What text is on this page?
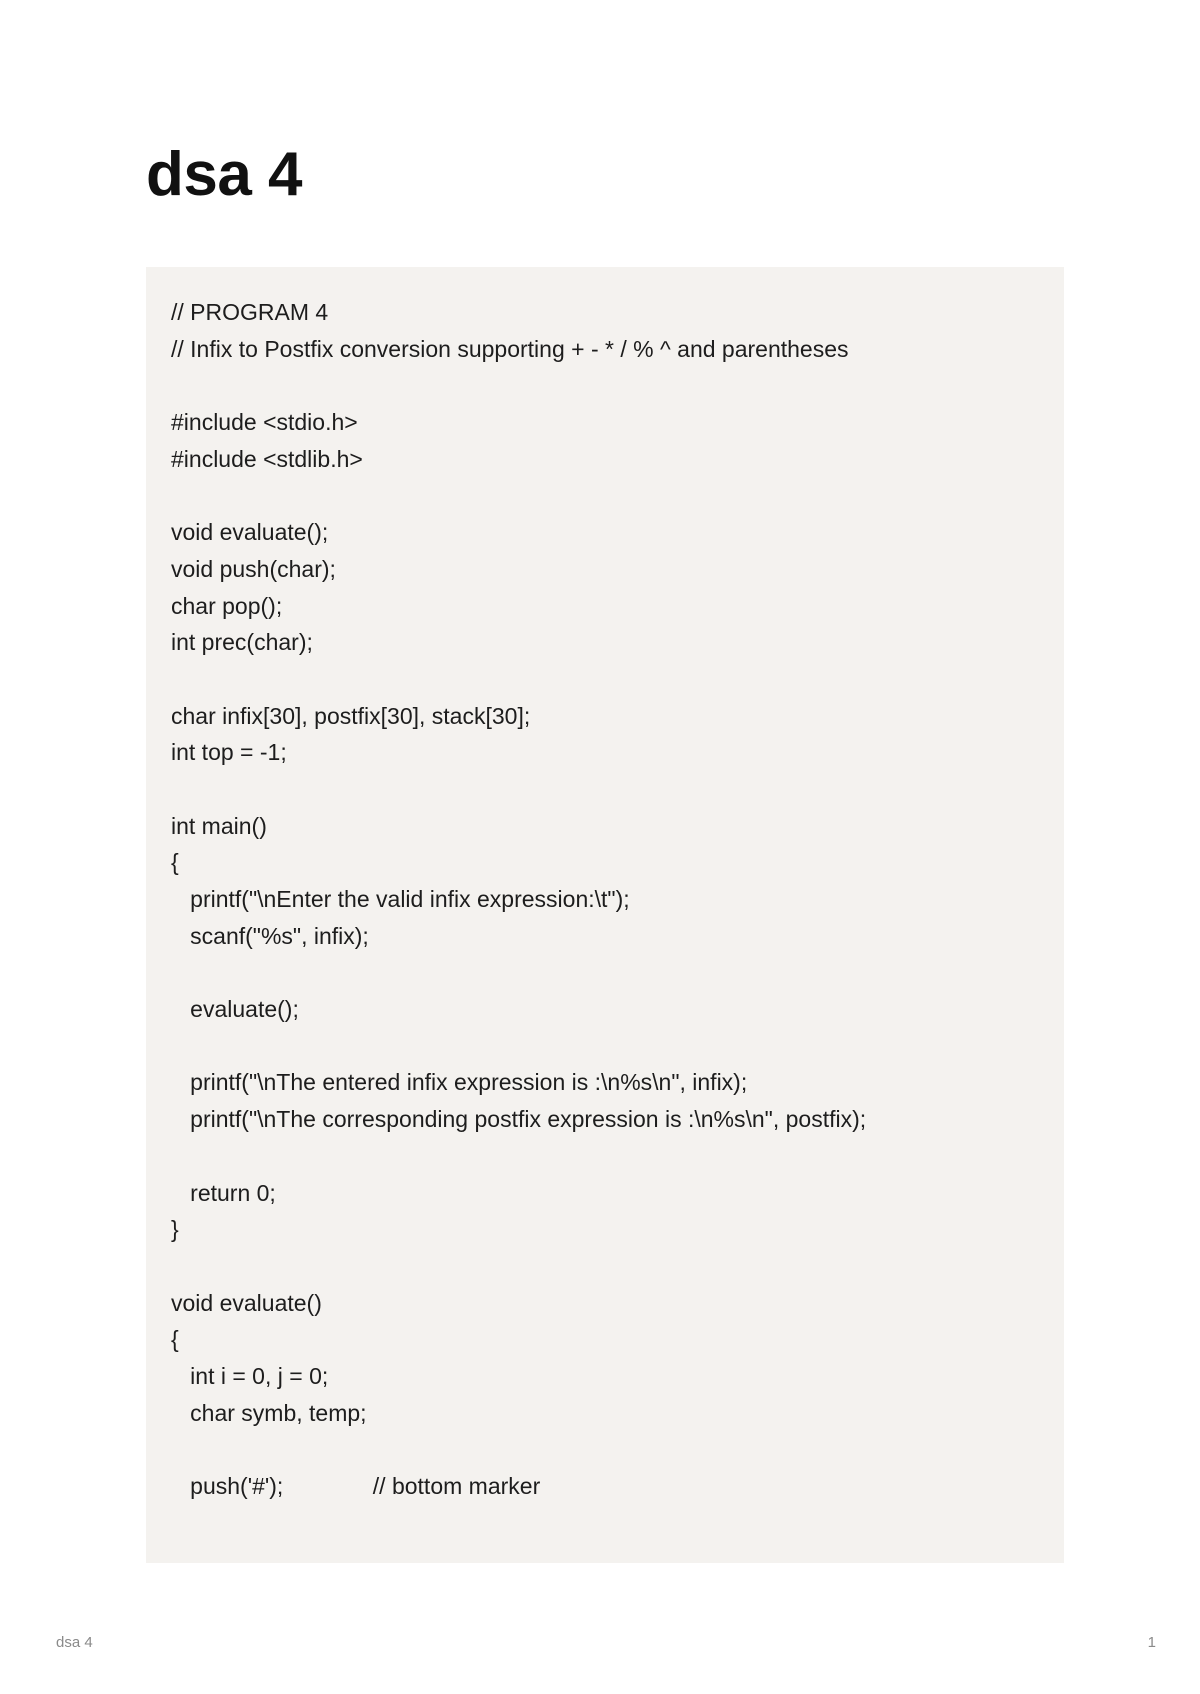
dsa 4
// PROGRAM 4
// Infix to Postfix conversion supporting + - * / % ^ and parentheses
#include <stdio.h>
#include <stdlib.h>
void evaluate();
void push(char);
char pop();
int prec(char);
char infix[30], postfix[30], stack[30];
int top = -1;
int main()
{
printf("\nEnter the valid infix expression:\t");
scanf("%s", infix);
evaluate();
printf("\nThe entered infix expression is :\n%s\n", infix);
printf("\nThe corresponding postfix expression is :\n%s\n", postfix);
return 0;
}
void evaluate()
{
int i = 0, j = 0;
char symb, temp;
push('#');              // bottom marker
dsa 4	1
